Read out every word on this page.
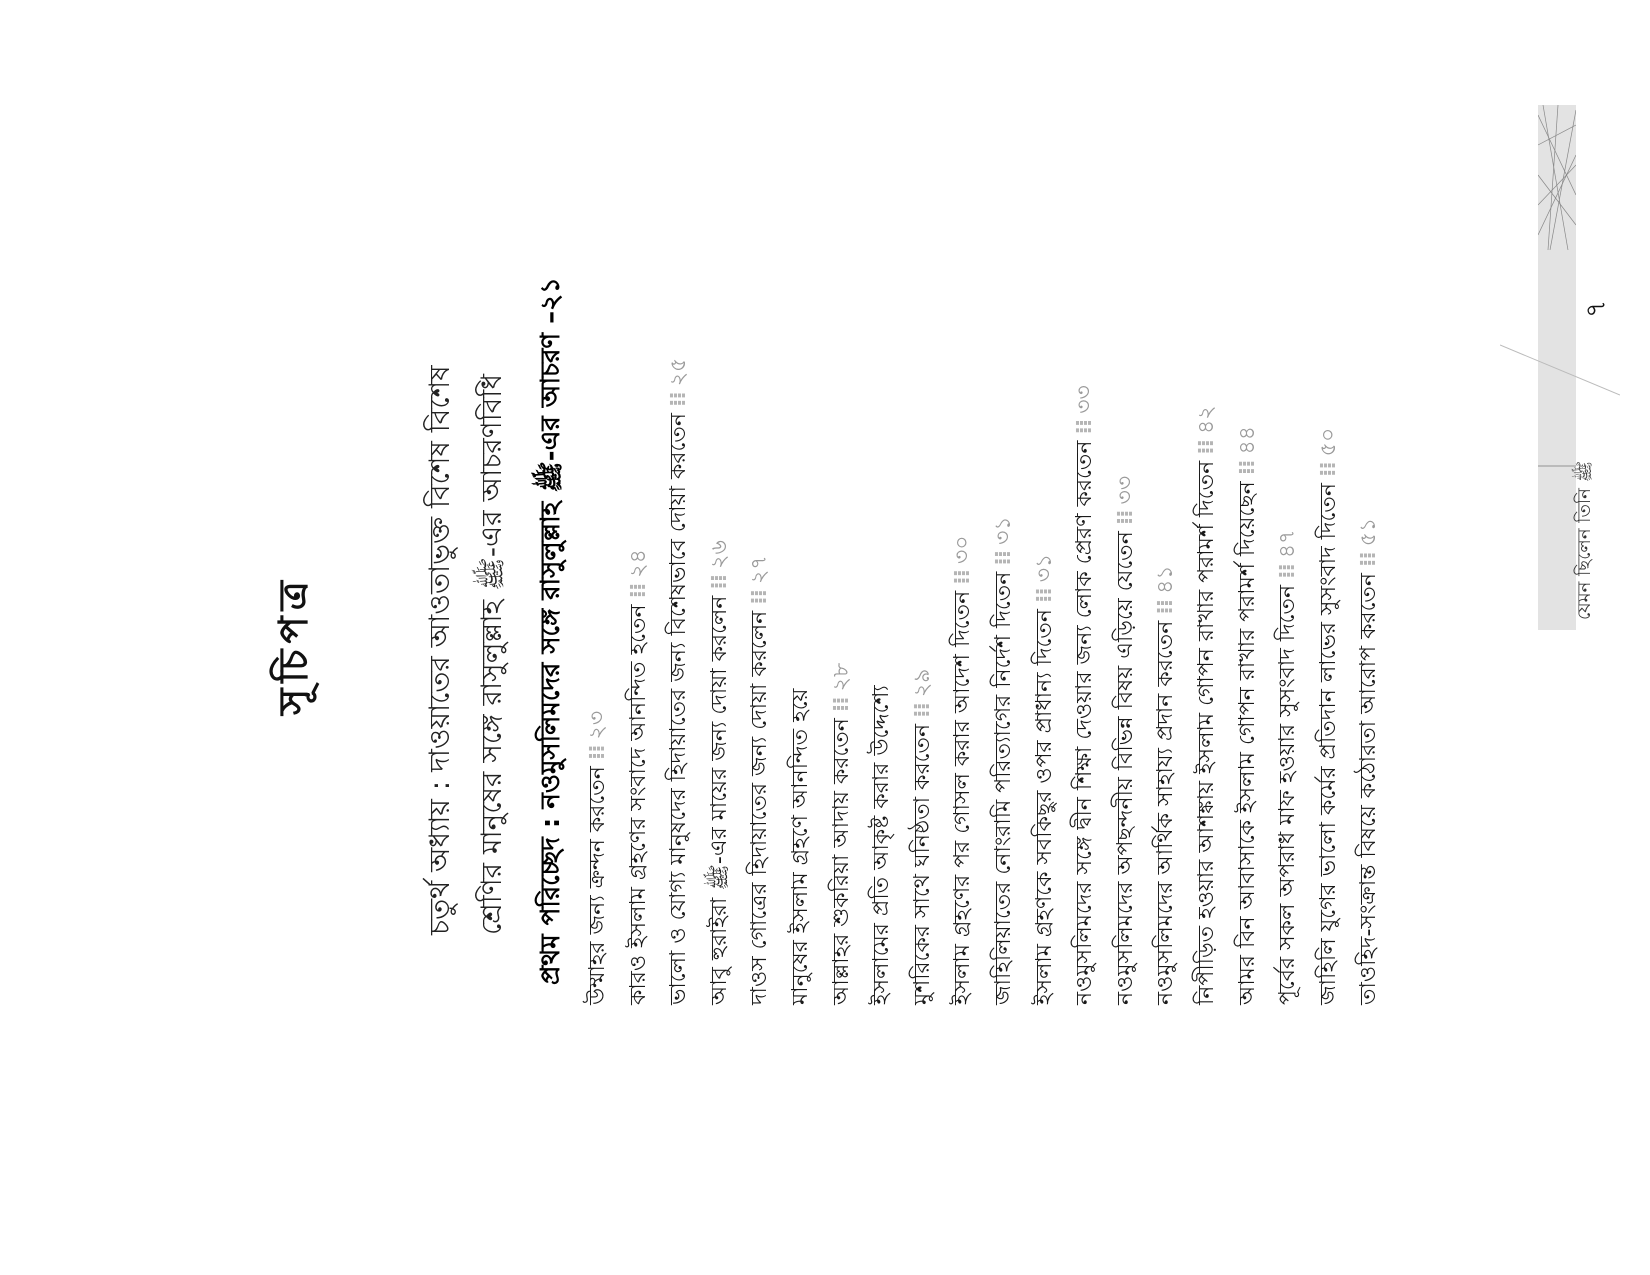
সূচিপত্র	চতুর্থ অধ্যায় : দাওয়াতের আওতাভুক্ত বিশেষ বিশেষ শ্রেণির মানুষের সঙ্গে রাসুলুল্লাহ ﷺ-এর আচরণবিধি
প্রথম পরিচ্ছেদ : নওমুসলিমদের সঙ্গে রাসুলুল্লাহ ﷺ-এর আচরণ –২১
উম্মাহর জন্য ক্রন্দন করতেন⁞⁞২৩ কারও ইসলাম গ্রহণের সংবাদে আনন্দিত হতেন⁞⁞২৪ ভালো ও যোগ্য মানুষদের হিদায়াতের জন্য বিশেষভাবে দোয়া করতেন⁞⁞২৫
আবু হুরাইরা ﷺ-এর মায়ের জন্য দোয়া করলেন⁞⁞২৬
দাওস গোত্রের হিদায়াতের জন্য দোয়া করলেন⁞⁞২৭
মানুষের ইসলাম গ্রহণে আনন্দিত হয়ে আল্লাহর শুকরিয়া আদায় করতেন⁞⁞২৮
ইসলামের প্রতি আকৃষ্ট করার উদ্দেশ্যে মুশরিকের সাথে ঘনিষ্ঠতা করতেন⁞⁞২৯ ইসলাম গ্রহণের পর গোসল করার আদেশ দিতেন⁞⁞৩০
জাহিলিয়াতের নোংরামি পরিত্যাগের নির্দেশ দিতেন⁞⁞৩১
ইসলাম গ্রহণকে সবকিছুর ওপর প্রাধান্য দিতেন⁞⁞৩১ নওমুসলিমদের সঙ্গে দ্বীন শিক্ষা দেওয়ার জন্য লোক প্রেরণ করতেন⁞⁞৩৩
নওমুসলিমদের অপছন্দনীয় বিভিন্ন বিষয় এড়িয়ে যেতেন⁞⁞৩৩
নওমুসলিমদের আর্থিক সাহায্য প্রদান করতেন⁞⁞৪১ নিপীড়িত হওয়ার আশঙ্কায় ইসলাম গোপন রাখার পরামর্শ দিতেন⁞⁞৪২
আমর বিন আবাসাকে ইসলাম গোপন রাখার পরামর্শ দিয়েছেন⁞⁞৪৪
পূর্বের সকল অপরাধ মাফ হওয়ার সুসংবাদ দিতেন⁞⁞৪৭ জাহিলি যুগের ভালো কর্মের প্রতিদান লাভের সুসংবাদ দিতেন⁞⁞৫০
তাওহিদ-সংক্রান্ত বিষয়ে কঠোরতা আরোপ করতেন⁞⁞৫১
৭
যেমন ছিলেন তিনি ﷺ
